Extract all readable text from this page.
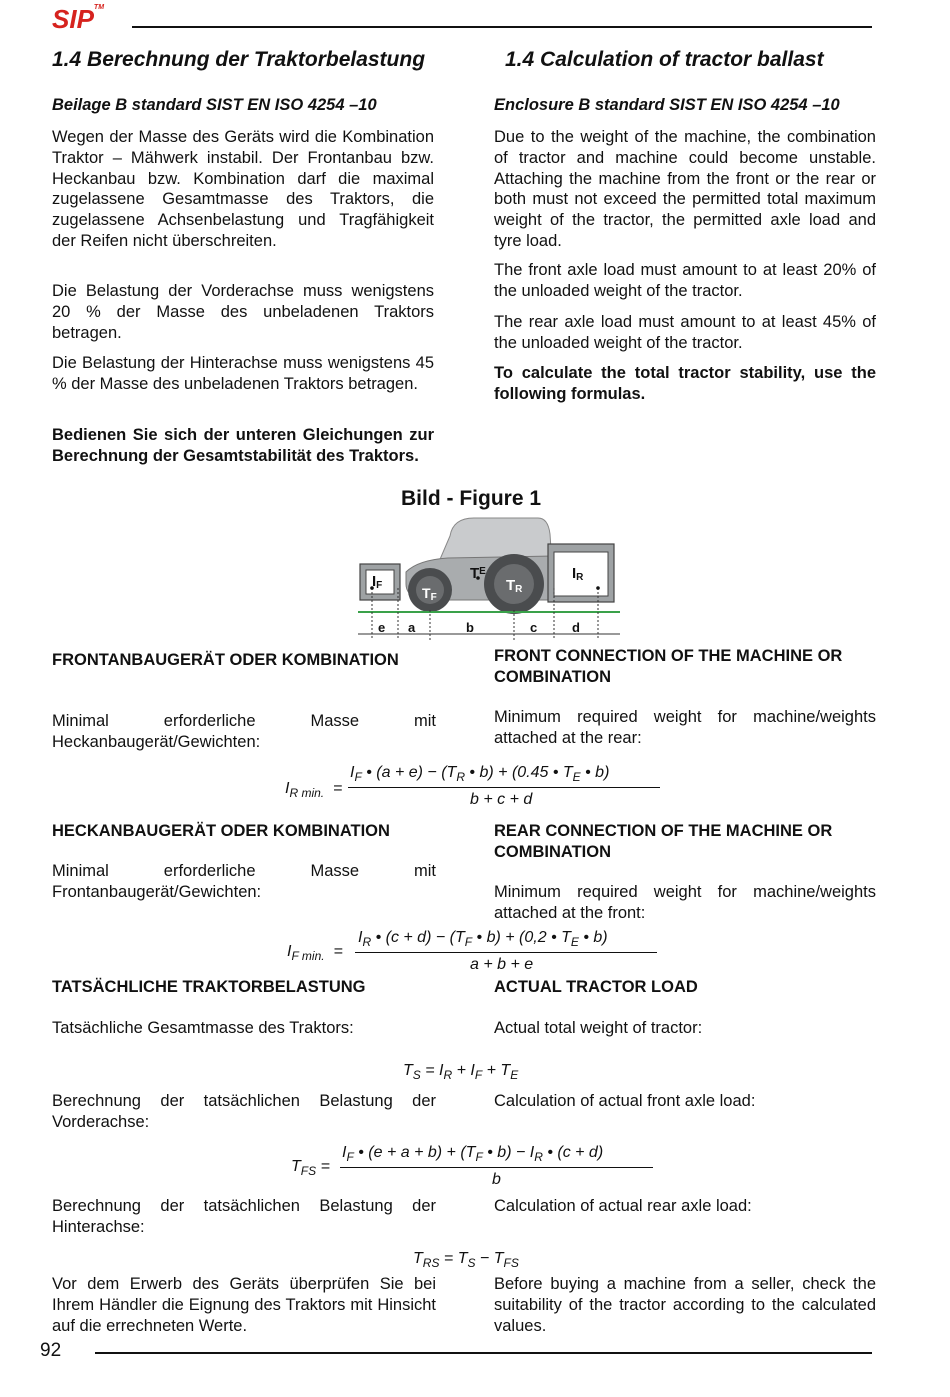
SIP™
1.4 Berechnung der Traktorbelastung	1.4 Calculation of tractor ballast
Beilage B standard SIST EN ISO 4254 –10	Enclosure B standard SIST EN ISO 4254 –10
Wegen der Masse des Geräts wird die Kombination Traktor – Mähwerk instabil. Der Frontanbau bzw. Heckanbau bzw. Kombination darf die maximal zugelassene Gesamtmasse des Traktors, die zugelassene Achsenbelastung und Tragfähigkeit der Reifen nicht überschreiten.
Die Belastung der Vorderachse muss wenigstens 20 % der Masse des unbeladenen Traktors betragen.
Die Belastung der Hinterachse muss wenigstens 45 % der Masse des unbeladenen Traktors betragen.
Bedienen Sie sich der unteren Gleichungen zur Berechnung der Gesamtstabilität des Traktors.
Due to the weight of the machine, the combination of tractor and machine could become unstable. Attaching the machine from the front or the rear or both must not exceed the permitted total maximum weight of the tractor, the permitted axle load and tyre load.
The front axle load must amount to at least 20% of the unloaded weight of the tractor.
The rear axle load must amount to at least 45% of the unloaded weight of the tractor.
To calculate the total tractor stability, use the following formulas.
Bild - Figure 1
IF
IR
TF
TR
$T^E$
e a	b	c	d
FRONTANBAUGERÄT ODER KOMBINATION	FRONT CONNECTION OF THE MACHINE OR COMBINATION
Minimal erforderliche Masse mit Heckanbaugerät/Gewichten:
Minimum required weight for machine/weights attached at the rear:
$I_{R min.}$  =
$I_F$ • $(a + e) - (T_R$ • b) + (0.45 • $T_E$ • b)
b + c + d
HECKANBAUGERÄT ODER KOMBINATION	REAR CONNECTION OF THE MACHINE OR COMBINATION
Minimal erforderliche Masse mit Frontanbaugerät/Gewichten:	Minimum required weight for machine/weights attached at the front:
$I_{F min.}$  =
$I_R$ • $(c + d) - (T_F$ • b) + (0,2 • $T_E$ • b)
a + b + e
TATSÄCHLICHE TRAKTORBELASTUNG	ACTUAL TRACTOR LOAD
Tatsächliche Gesamtmasse des Traktors:	Actual total weight of tractor:
$T_S = I_R + I_F + T_E$
Berechnung der tatsächlichen Belastung der Vorderachse:
Calculation of actual front axle load:
$T_{FS}$ =
$I_F$ • $(e + a + b) + (T_F$ • $b) - I_R$ • (c + d)
b
Berechnung der tatsächlichen Belastung der Hinterachse:
Calculation of actual rear axle load:
$T_{RS} = T_S - T_{FS}$
Vor dem Erwerb des Geräts überprüfen Sie bei Ihrem Händler die Eignung des Traktors mit Hinsicht auf die errechneten Werte.
Before buying a machine from a seller, check the suitability of the tractor according to the calculated values.
92
